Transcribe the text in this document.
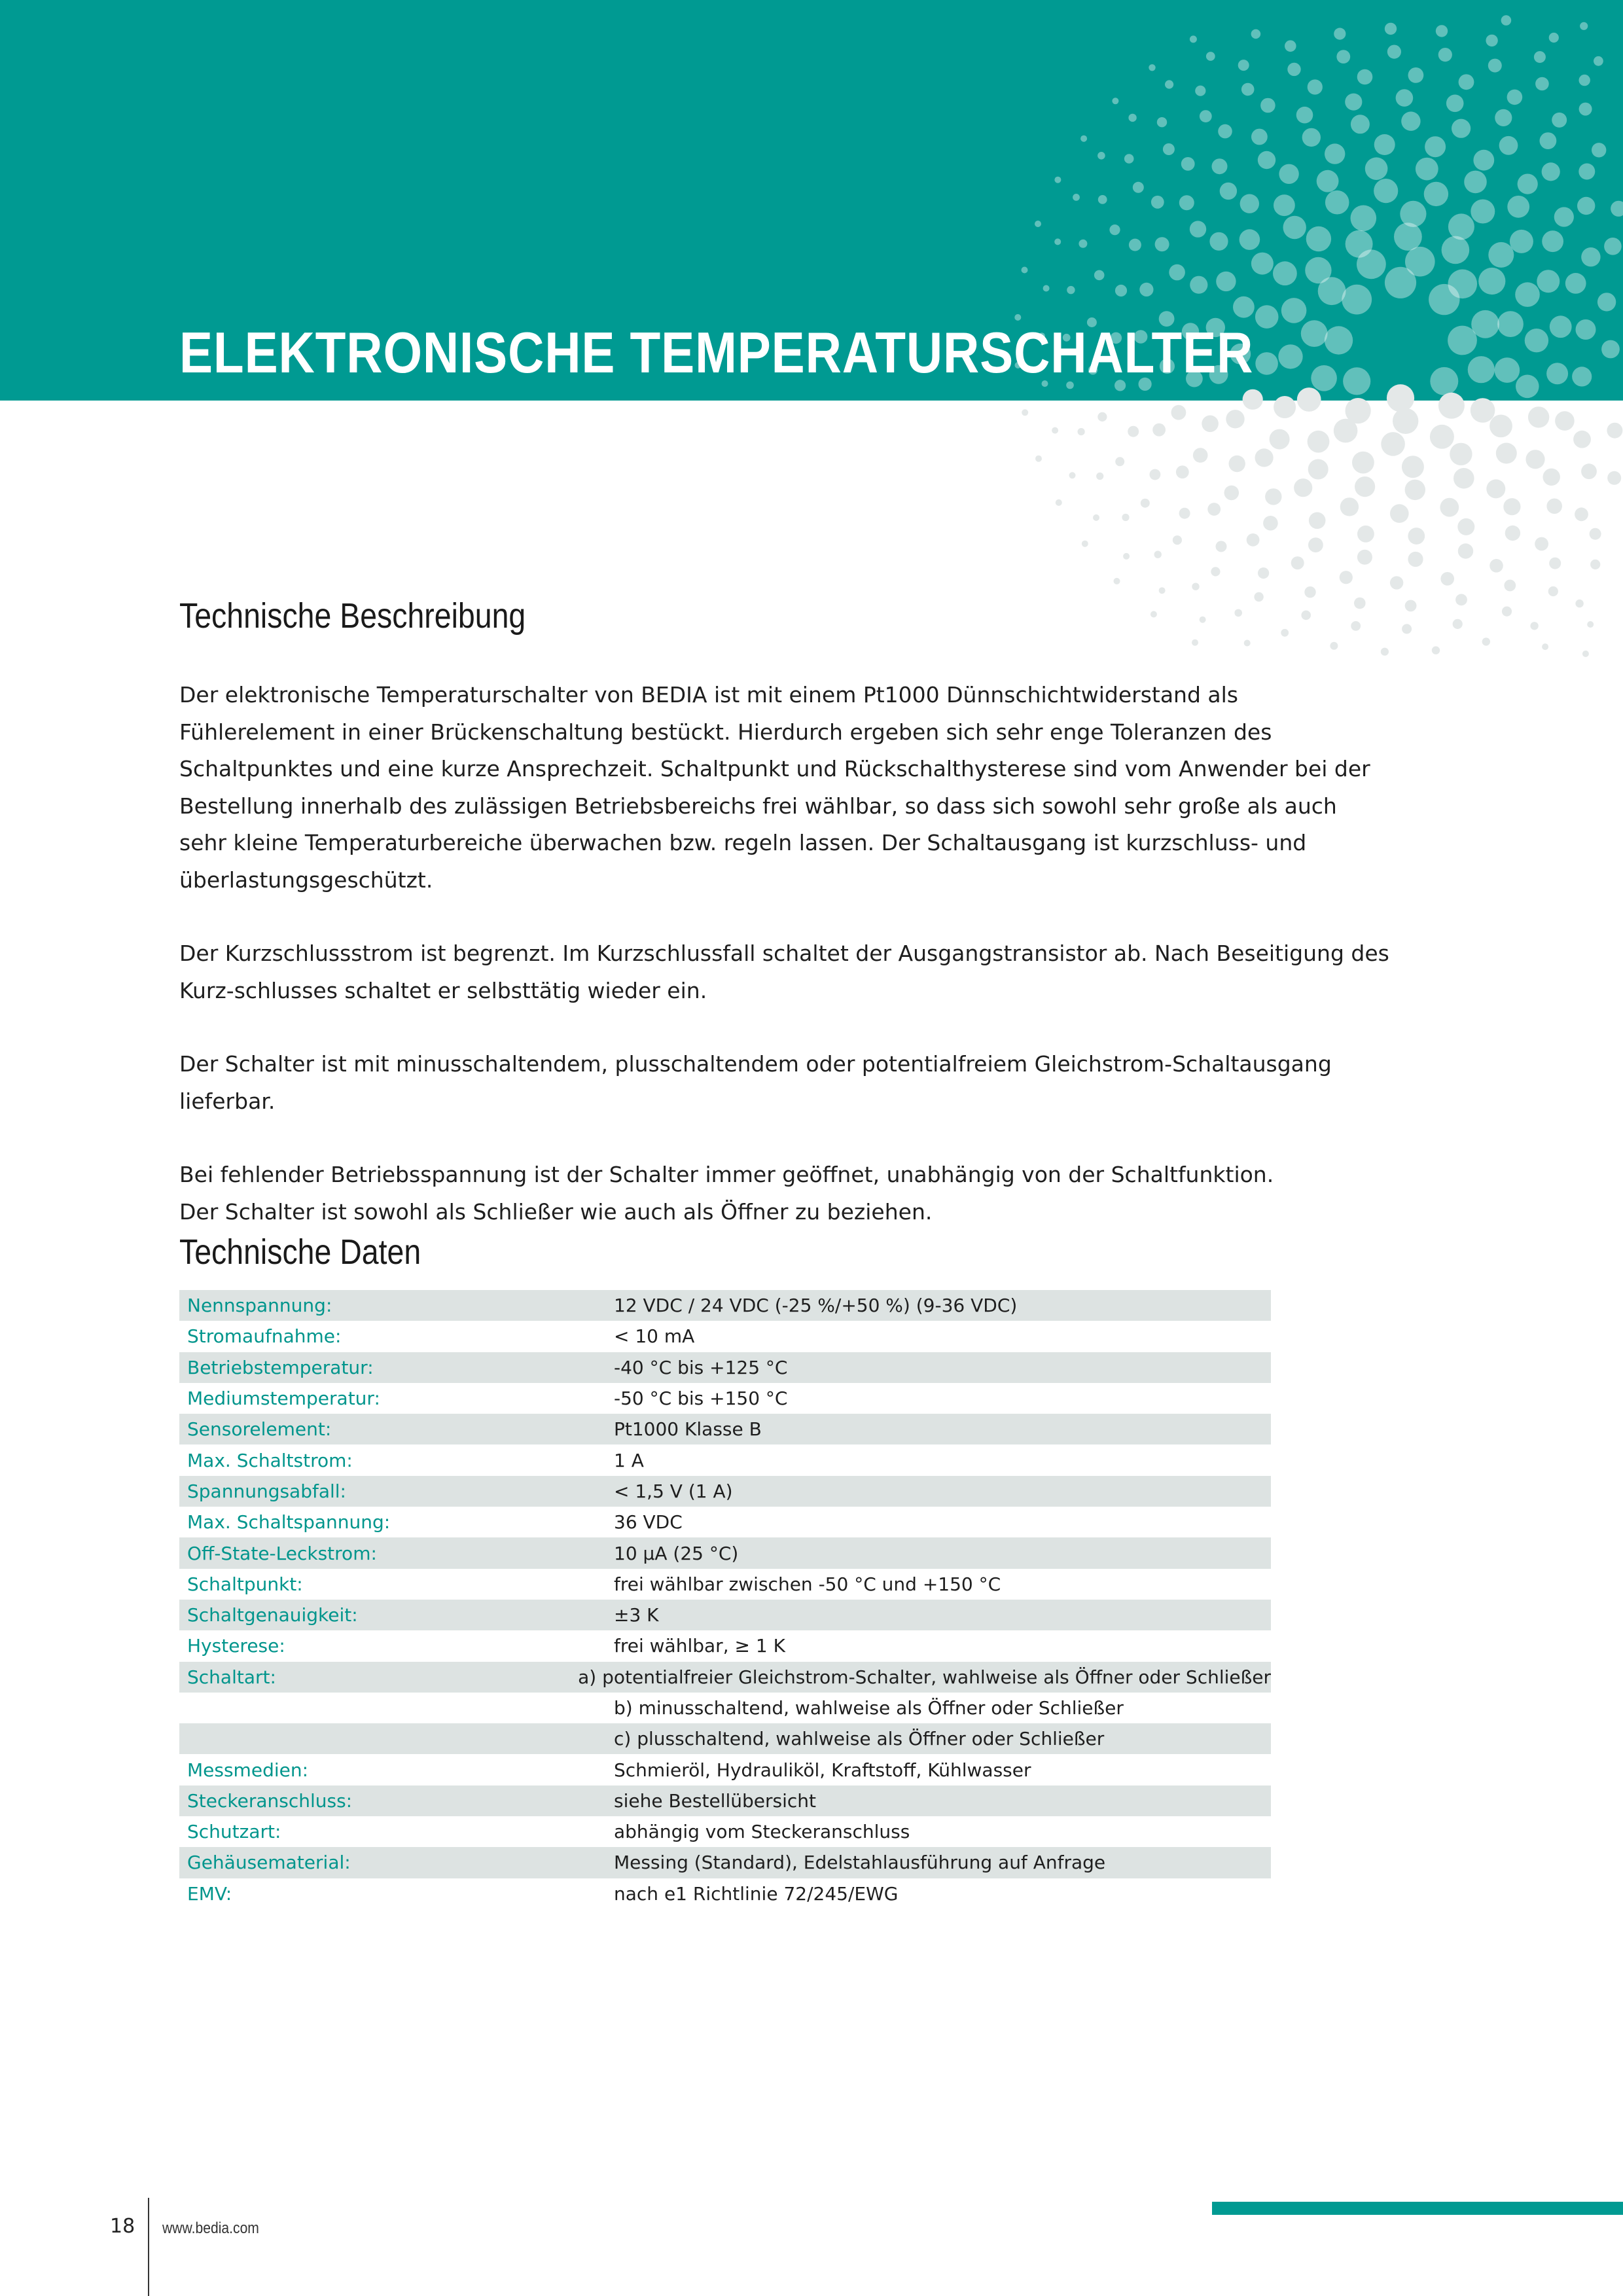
ELEKTRONISCHE TEMPERATURSCHALTER
Technische Beschreibung

Der elektronische Temperaturschalter von BEDIA ist mit einem Pt1000 Dünnschichtwiderstand als Fühlerelement in einer Brückenschaltung bestückt. Hierdurch ergeben sich sehr enge Toleranzen des Schaltpunktes und eine kurze Ansprechzeit. Schaltpunkt und Rückschalthysterese sind vom Anwender bei der Bestellung innerhalb des zulässigen Betriebsbereichs frei wählbar, so dass sich sowohl sehr große als auch sehr kleine Temperaturbereiche überwachen bzw. regeln lassen. Der Schaltausgang ist kurzschluss- und überlastungsgeschützt.

Der Kurzschlussstrom ist begrenzt. Im Kurzschlussfall schaltet der Ausgangstransistor ab. Nach Beseitigung des Kurz-schlusses schaltet er selbsttätig wieder ein.

Der Schalter ist mit minusschaltendem, plusschaltendem oder potentialfreiem Gleichstrom-Schaltausgang lieferbar.

Bei fehlender Betriebsspannung ist der Schalter immer geöffnet, unabhängig von der Schaltfunktion.
Der Schalter ist sowohl als Schließer wie auch als Öffner zu beziehen.

Technische Daten
Nennspannung:	12 VDC / 24 VDC (-25 %/+50 %) (9-36 VDC)
Stromaufnahme:	< 10 mA
Betriebstemperatur:	-40 °C bis +125 °C
Mediumstemperatur:	-50 °C bis +150 °C
Sensorelement:	Pt1000 Klasse B
Max. Schaltstrom:	1 A
Spannungsabfall:	< 1,5 V (1 A)
Max. Schaltspannung:	36 VDC
Off-State-Leckstrom:	10 µA (25 °C)
Schaltpunkt:	frei wählbar zwischen -50 °C und +150 °C
Schaltgenauigkeit:	±3 K
Hysterese:	frei wählbar, ≥ 1 K
Schaltart:	a) potentialfreier Gleichstrom-Schalter, wahlweise als Öffner oder Schließer
b) minusschaltend, wahlweise als Öffner oder Schließer
c) plusschaltend, wahlweise als Öffner oder Schließer
Messmedien:	Schmieröl, Hydrauliköl, Kraftstoff, Kühlwasser
Steckeranschluss:	siehe Bestellübersicht
Schutzart:	abhängig vom Steckeranschluss
Gehäusematerial:	Messing (Standard), Edelstahlausführung auf Anfrage
EMV:	nach e1 Richtlinie 72/245/EWG
18 www.bedia.com
